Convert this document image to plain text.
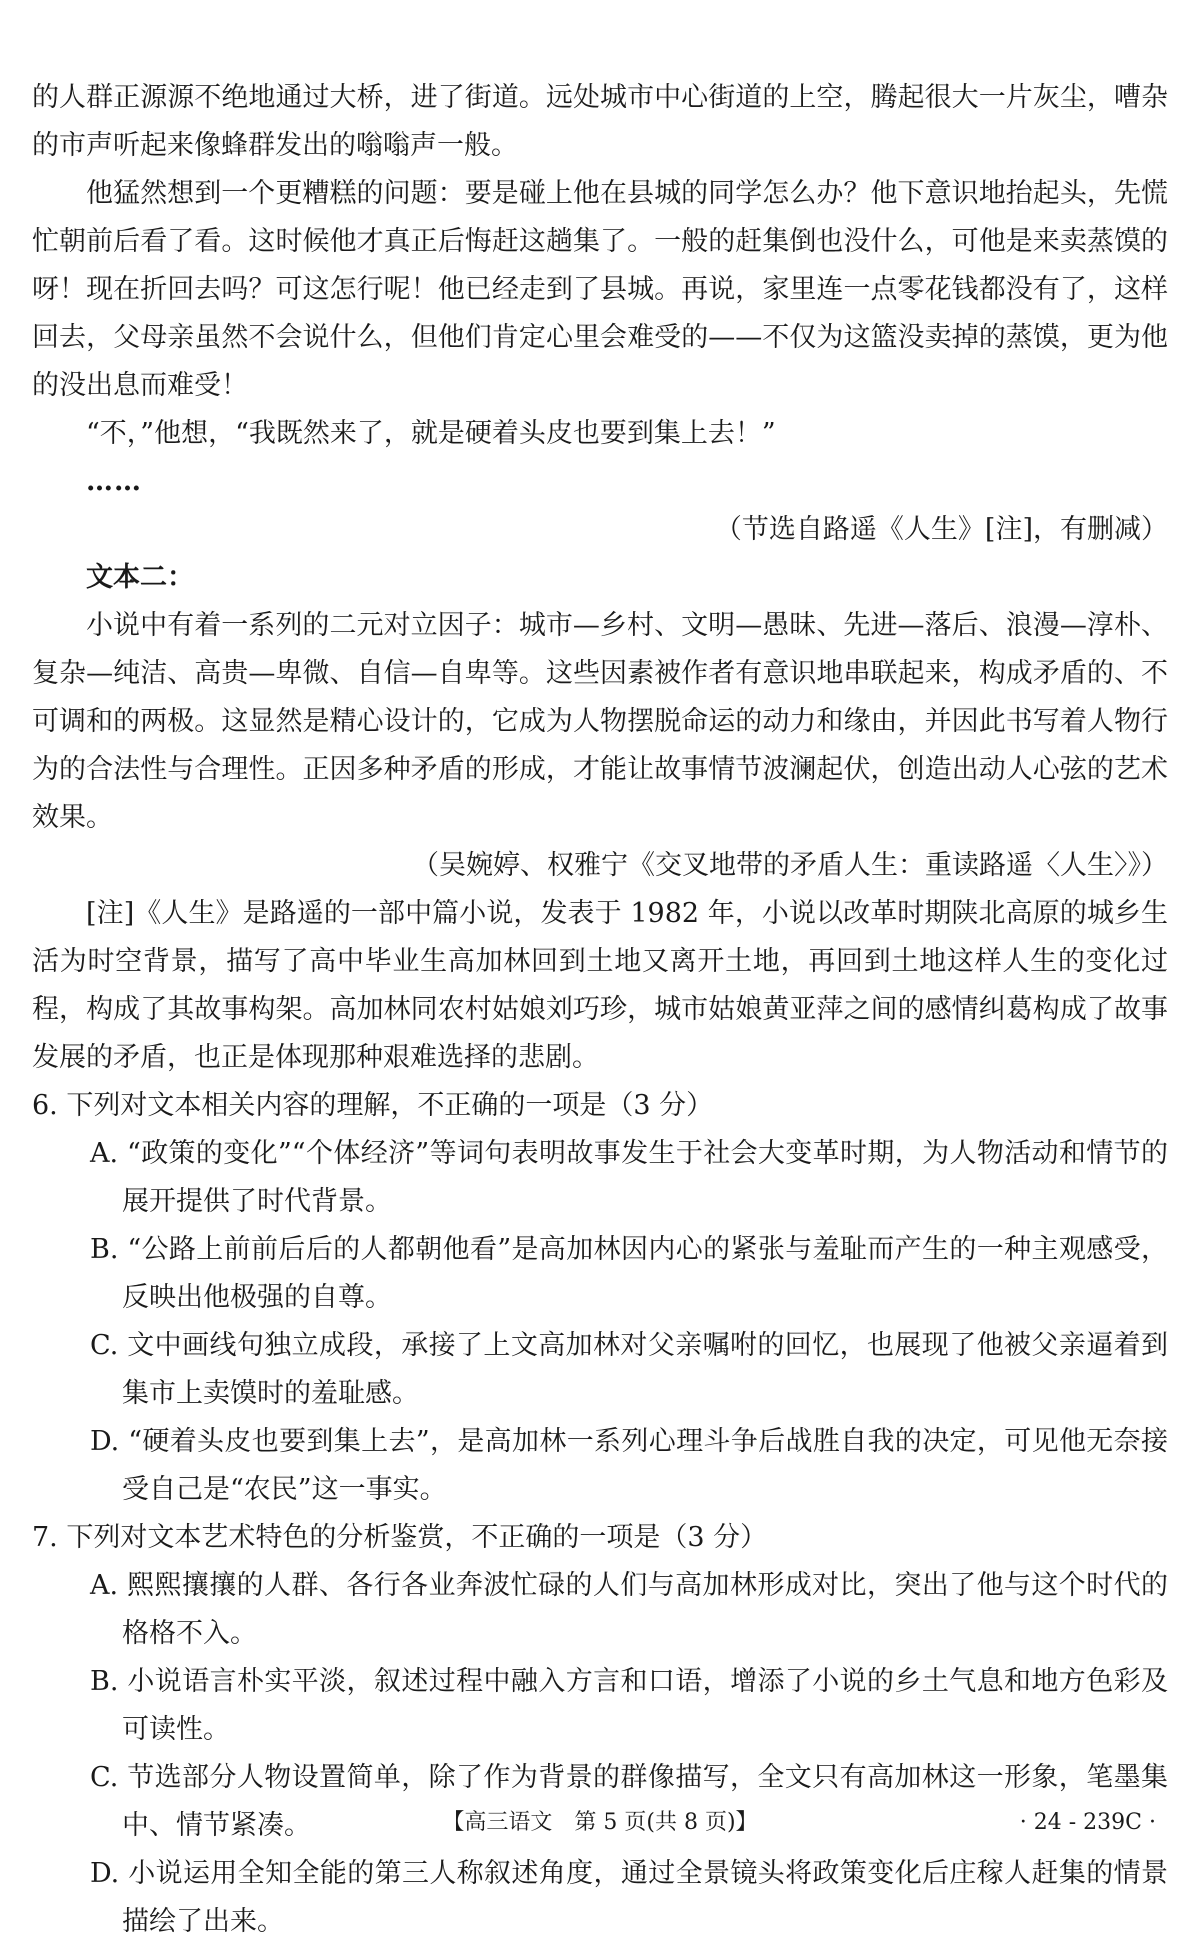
的人群正源源不绝地通过大桥，进了街道。远处城市中心街道的上空，腾起很大一片灰尘，嘈杂的市声听起来像蜂群发出的嗡嗡声一般。

他猛然想到一个更糟糕的问题：要是碰上他在县城的同学怎么办？他下意识地抬起头，先慌忙朝前后看了看。这时候他才真正后悔赶这趟集了。一般的赶集倒也没什么，可他是来卖蒸馍的呀！现在折回去吗？可这怎行呢！他已经走到了县城。再说，家里连一点零花钱都没有了，这样回去，父母亲虽然不会说什么，但他们肯定心里会难受的——不仅为这篮没卖掉的蒸馍，更为他的没出息而难受！

“不，”他想，“我既然来了，就是硬着头皮也要到集上去！”

……

（节选自路遥《人生》[注]，有删减）

文本二：

小说中有着一系列的二元对立因子：城市—乡村、文明—愚昧、先进—落后、浪漫—淳朴、复杂—纯洁、高贵—卑微、自信—自卑等。这些因素被作者有意识地串联起来，构成矛盾的、不可调和的两极。这显然是精心设计的，它成为人物摆脱命运的动力和缘由，并因此书写着人物行为的合法性与合理性。正因多种矛盾的形成，才能让故事情节波澜起伏，创造出动人心弦的艺术效果。

（吴婉婷、权雅宁《交叉地带的矛盾人生：重读路遥〈人生〉》）

[注]《人生》是路遥的一部中篇小说，发表于 1982 年，小说以改革时期陕北高原的城乡生活为时空背景，描写了高中毕业生高加林回到土地又离开土地，再回到土地这样人生的变化过程，构成了其故事构架。高加林同农村姑娘刘巧珍，城市姑娘黄亚萍之间的感情纠葛构成了故事发展的矛盾，也正是体现那种艰难选择的悲剧。

6. 下列对文本相关内容的理解，不正确的一项是（3 分）

A. “政策的变化”“个体经济”等词句表明故事发生于社会大变革时期，为人物活动和情节的展开提供了时代背景。

B. “公路上前前后后的人都朝他看”是高加林因内心的紧张与羞耻而产生的一种主观感受，反映出他极强的自尊。

C. 文中画线句独立成段，承接了上文高加林对父亲嘱咐的回忆，也展现了他被父亲逼着到集市上卖馍时的羞耻感。

D. “硬着头皮也要到集上去”，是高加林一系列心理斗争后战胜自我的决定，可见他无奈接受自己是“农民”这一事实。

7. 下列对文本艺术特色的分析鉴赏，不正确的一项是（3 分）

A. 熙熙攘攘的人群、各行各业奔波忙碌的人们与高加林形成对比，突出了他与这个时代的格格不入。

B. 小说语言朴实平淡，叙述过程中融入方言和口语，增添了小说的乡土气息和地方色彩及可读性。

C. 节选部分人物设置简单，除了作为背景的群像描写，全文只有高加林这一形象，笔墨集中、情节紧凑。

D. 小说运用全知全能的第三人称叙述角度，通过全景镜头将政策变化后庄稼人赶集的情景描绘了出来。

【高三语文　第 5 页(共 8 页)】	· 24 - 239C ·
